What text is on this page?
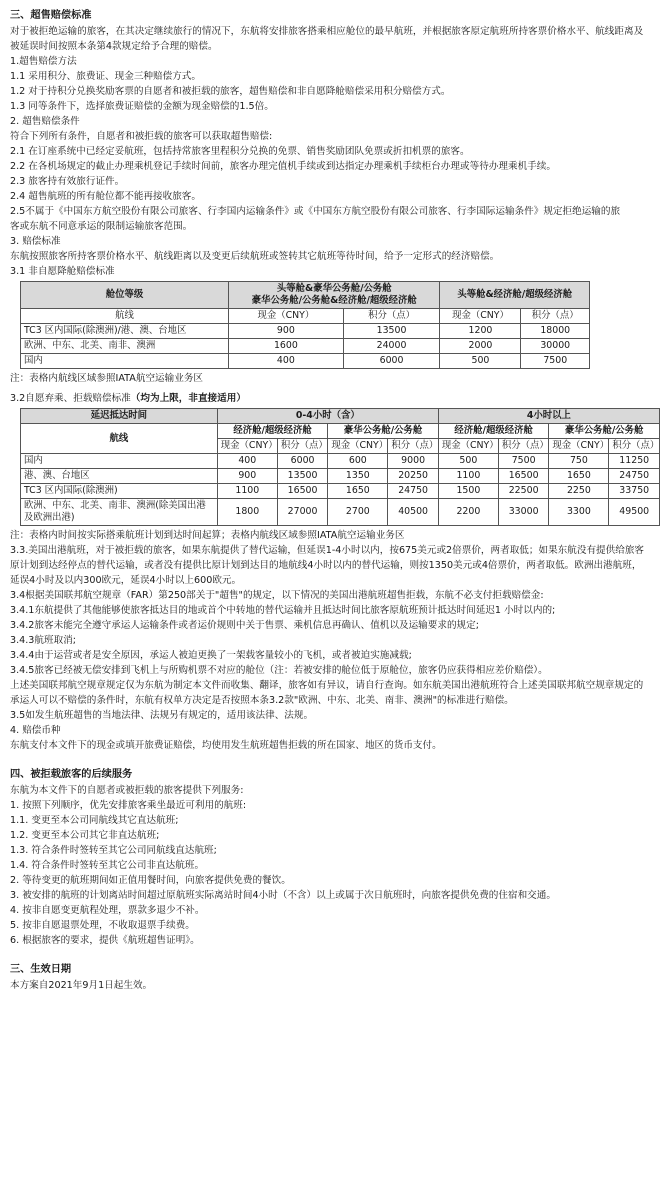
三、超售赔偿标准
对于被拒绝运输的旅客，在其决定继续旅行的情况下，东航将安排旅客搭乘相应舱位的最早航班，并根据旅客原定航班所持客票价格水平、航线距离及被延误时间按照本条第4款规定给予合理的赔偿。
1.超售赔偿方法
1.1 采用积分、旅费证、现金三种赔偿方式。
1.2 对于持积分兑换奖励客票的自愿者和被拒载的旅客，超售赔偿和非自愿降舱赔偿采用积分赔偿方式。
1.3 同等条件下，选择旅费证赔偿的金额为现金赔偿的1.5倍。
2. 超售赔偿条件
符合下列所有条件，自愿者和被拒载的旅客可以获取超售赔偿:
2.1 在订座系统中已经定妥航班，包括持常旅客里程积分兑换的免票、销售奖励团队免票或折扣机票的旅客。
2.2 在各机场规定的截止办理乘机登记手续时间前，旅客办理完值机手续或到达指定办理乘机手续柜台办理或等待办理乘机手续。
2.3 旅客持有效旅行证件。
2.4 超售航班的所有舱位都不能再接收旅客。
2.5不属于《中国东方航空股份有限公司旅客、行李国内运输条件》或《中国东方航空股份有限公司旅客、行李国际运输条件》规定拒绝运输的旅
客或东航不同意承运的限制运输旅客范围。
3. 赔偿标准
东航按照旅客所持客票价格水平、航线距离以及变更后续航班或签转其它航班等待时间，给予一定形式的经济赔偿。
3.1 非自愿降舱赔偿标准
舱位等级	头等舱&豪华公务舱/公务舱
豪华公务舱/公务舱&经济舱/超级经济舱		头等舱&经济舱/超级经济舱	
航线	现金（CNY）	积分（点）	现金（CNY）	积分（点）
TC3 区内国际(除澳洲)/港、澳、台地区	900	13500	1200	18000
欧洲、中东、北美、南非、澳洲	1600	24000	2000	30000
国内	400	6000	500	7500
注：表格内航线区域参照IATA航空运输业务区
3.2自愿弃乘、拒载赔偿标准（均为上限，非直接适用）
延迟抵达时间	0-4小时（含）				4小时以上			
航线	经济舱/超级经济舱		豪华公务舱/公务舱		经济舱/超级经济舱		豪华公务舱/公务舱	
	现金（CNY）	积分（点）	现金（CNY）	积分（点）	现金（CNY）	积分（点）	现金（CNY）	积分（点）
国内	400	6000	600	9000	500	7500	750	11250
港、澳、台地区	900	13500	1350	20250	1100	16500	1650	24750
TC3 区内国际(除澳洲)	1100	16500	1650	24750	1500	22500	2250	33750
欧洲、中东、北美、南非、澳洲(除美国出港及欧洲出港)	1800	27000	2700	40500	2200	33000	3300	49500
注：表格内时间按实际搭乘航班计划到达时间起算；表格内航线区域参照IATA航空运输业务区
3.3.美国出港航班，对于被拒载的旅客，如果东航提供了替代运输，但延误1-4小时以内，按675美元或2倍票价，两者取低；如果东航没有提供给旅客原计划到达经停点的替代运输，或者没有提供比原计划到达目的地航线4小时以内的替代运输，则按1350美元或4倍票价，两者取低。欧洲出港航班，延误4小时及以内300欧元，延误4小时以上600欧元。
3.4根据美国联邦航空规章（FAR）第250部关于"超售"的规定，以下情况的美国出港航班超售拒载，东航不必支付拒载赔偿金:
3.4.1东航提供了其他能够使旅客抵达目的地或首个中转地的替代运输并且抵达时间比旅客原航班预计抵达时间延迟1 小时以内的;
3.4.2旅客未能完全遵守承运人运输条件或者运价规则中关于售票、乘机信息再确认、值机以及运输要求的规定;
3.4.3航班取消;
3.4.4由于运营或者是安全原因，承运人被迫更换了一架载客量较小的飞机，或者被迫实施减载;
3.4.5旅客已经被无偿安排到飞机上与所购机票不对应的舱位（注：若被安排的舱位低于原舱位，旅客仍应获得相应差价赔偿）。
上述美国联邦航空规章规定仅为东航为制定本文件而收集、翻译，旅客如有异议，请自行查询。如东航美国出港航班符合上述美国联邦航空规章规定的承运人可以不赔偿的条件时，东航有权单方决定是否按照本条3.2款"欧洲、中东、北美、南非、澳洲"的标准进行赔偿。
3.5如发生航班超售的当地法律、法规另有规定的，适用该法律、法规。
4. 赔偿币种
东航支付本文件下的现金或填开旅费证赔偿，均使用发生航班超售拒载的所在国家、地区的货币支付。
四、被拒载旅客的后续服务
东航为本文件下的自愿者或被拒载的旅客提供下列服务:
1. 按照下列顺序，优先安排旅客乘坐最近可利用的航班:
1.1. 变更至本公司同航线其它直达航班;
1.2. 变更至本公司其它非直达航班;
1.3. 符合条件时签转至其它公司同航线直达航班;
1.4. 符合条件时签转至其它公司非直达航班。
2. 等待变更的航班期间如正值用餐时间，向旅客提供免费的餐饮。
3. 被安排的航班的计划离站时间超过原航班实际离站时间4小时（不含）以上或属于次日航班时，向旅客提供免费的住宿和交通。
4. 按非自愿变更航程处理，票款多退少不补。
5. 按非自愿退票处理，不收取退票手续费。
6. 根据旅客的要求，提供《航班超售证明》。
三、生效日期
本方案自2021年9月1日起生效。
